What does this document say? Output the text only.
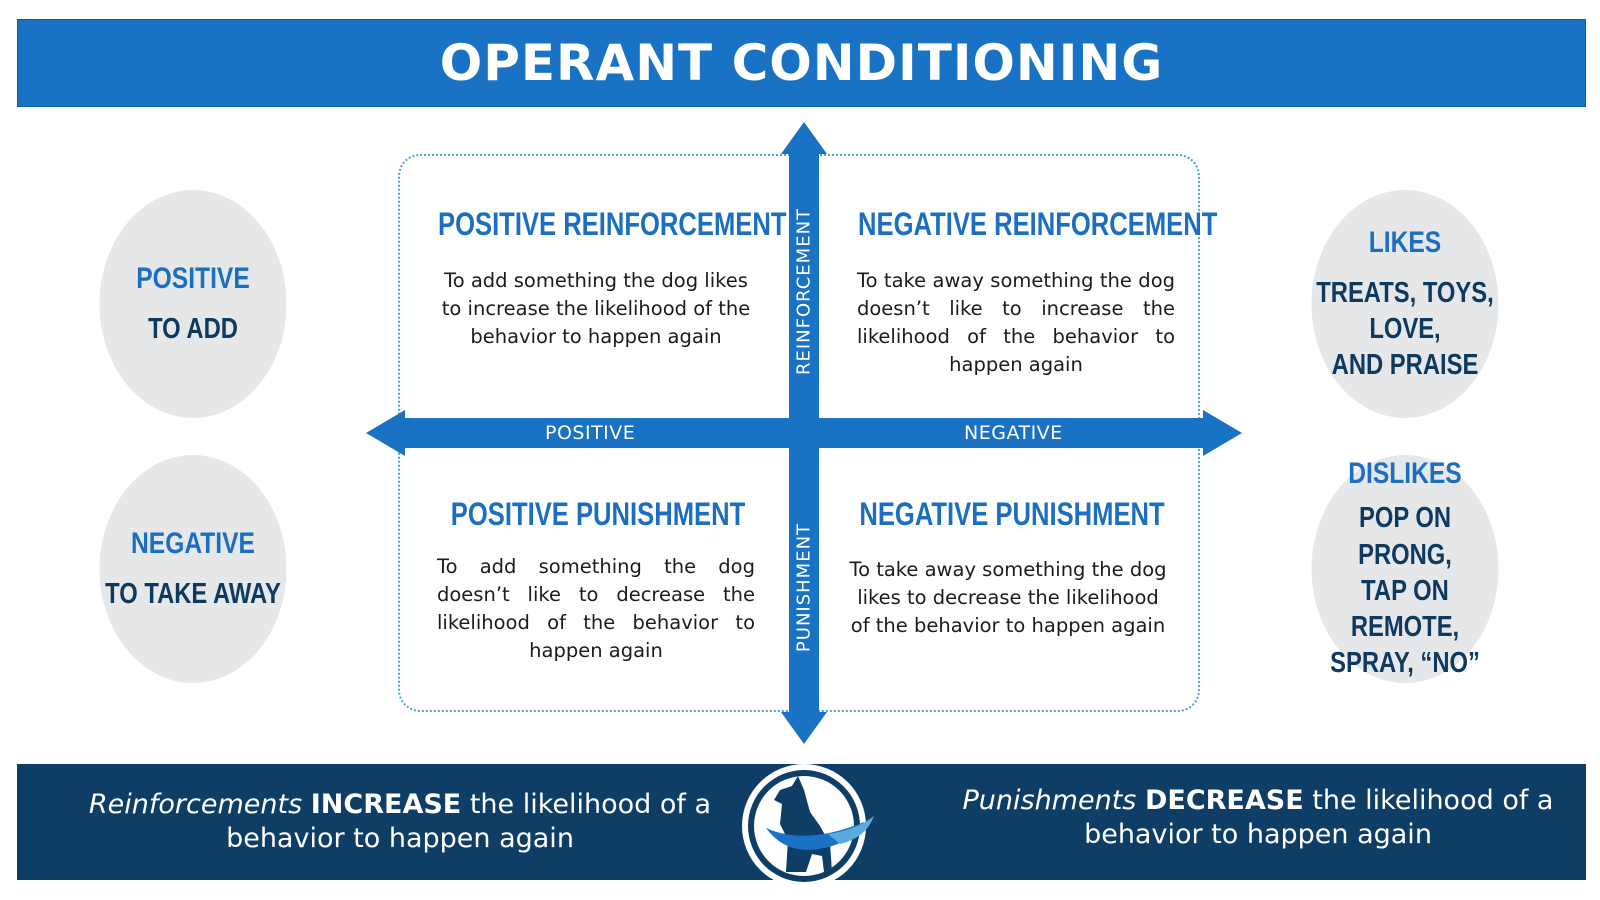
OPERANT CONDITIONING
POSITIVE
TO ADD
NEGATIVE
TO TAKE AWAY
LIKES
TREATS, TOYS, LOVE,
AND PRAISE
DISLIKES
POP ON PRONG,
TAP ON REMOTE,
SPRAY, “NO”
POSITIVE	NEGATIVE
REINFORCEMENT
PUNISHMENT
POSITIVE REINFORCEMENT
To add something the dog likes to increase the likelihood of the behavior to happen again
NEGATIVE REINFORCEMENT
To take away something the dog doesn’t like to increase the likelihood of the behavior to happen again
POSITIVE PUNISHMENT
To add something the dog doesn’t like to decrease the likelihood of the behavior to happen again
NEGATIVE PUNISHMENT
To take away something the dog likes to decrease the likelihood of the behavior to happen again
Reinforcements INCREASE the likelihood of a
behavior to happen again
Punishments DECREASE the likelihood of a
behavior to happen again
